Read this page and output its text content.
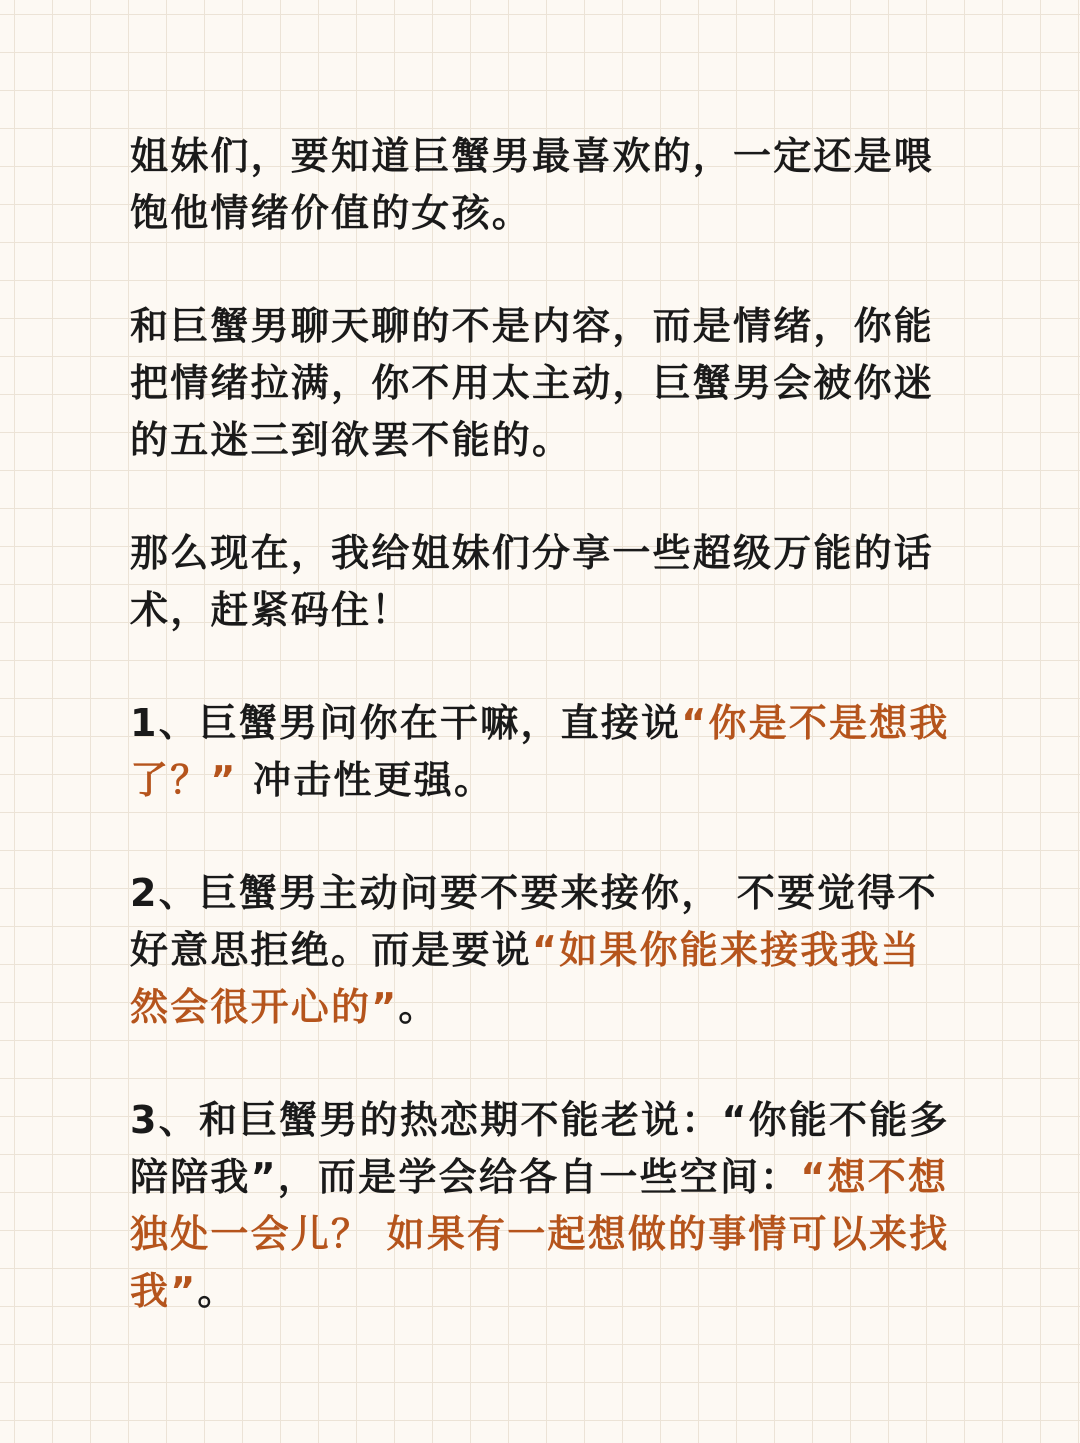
姐妹们，要知道巨蟹男最喜欢的，一定还是喂饱他情绪价值的女孩。

和巨蟹男聊天聊的不是内容，而是情绪，你能把情绪拉满，你不用太主动，巨蟹男会被你迷 的五迷三到欲罢不能的。

那么现在，我给姐妹们分享一些超级万能的话术，赶紧码住！

1、巨蟹男问你在干嘛，直接说“你是不是想我了？” 冲击性更强。

2、巨蟹男主动问要不要来接你， 不要觉得不好意思拒绝。而是要说“如果你能来接我我当然会很开心的”。

3、和巨蟹男的热恋期不能老说：“你能不能多陪陪我”，而是学会给各自一些空间：“想不想独处一会儿？ 如果有一起想做的事情可以来找我”。
